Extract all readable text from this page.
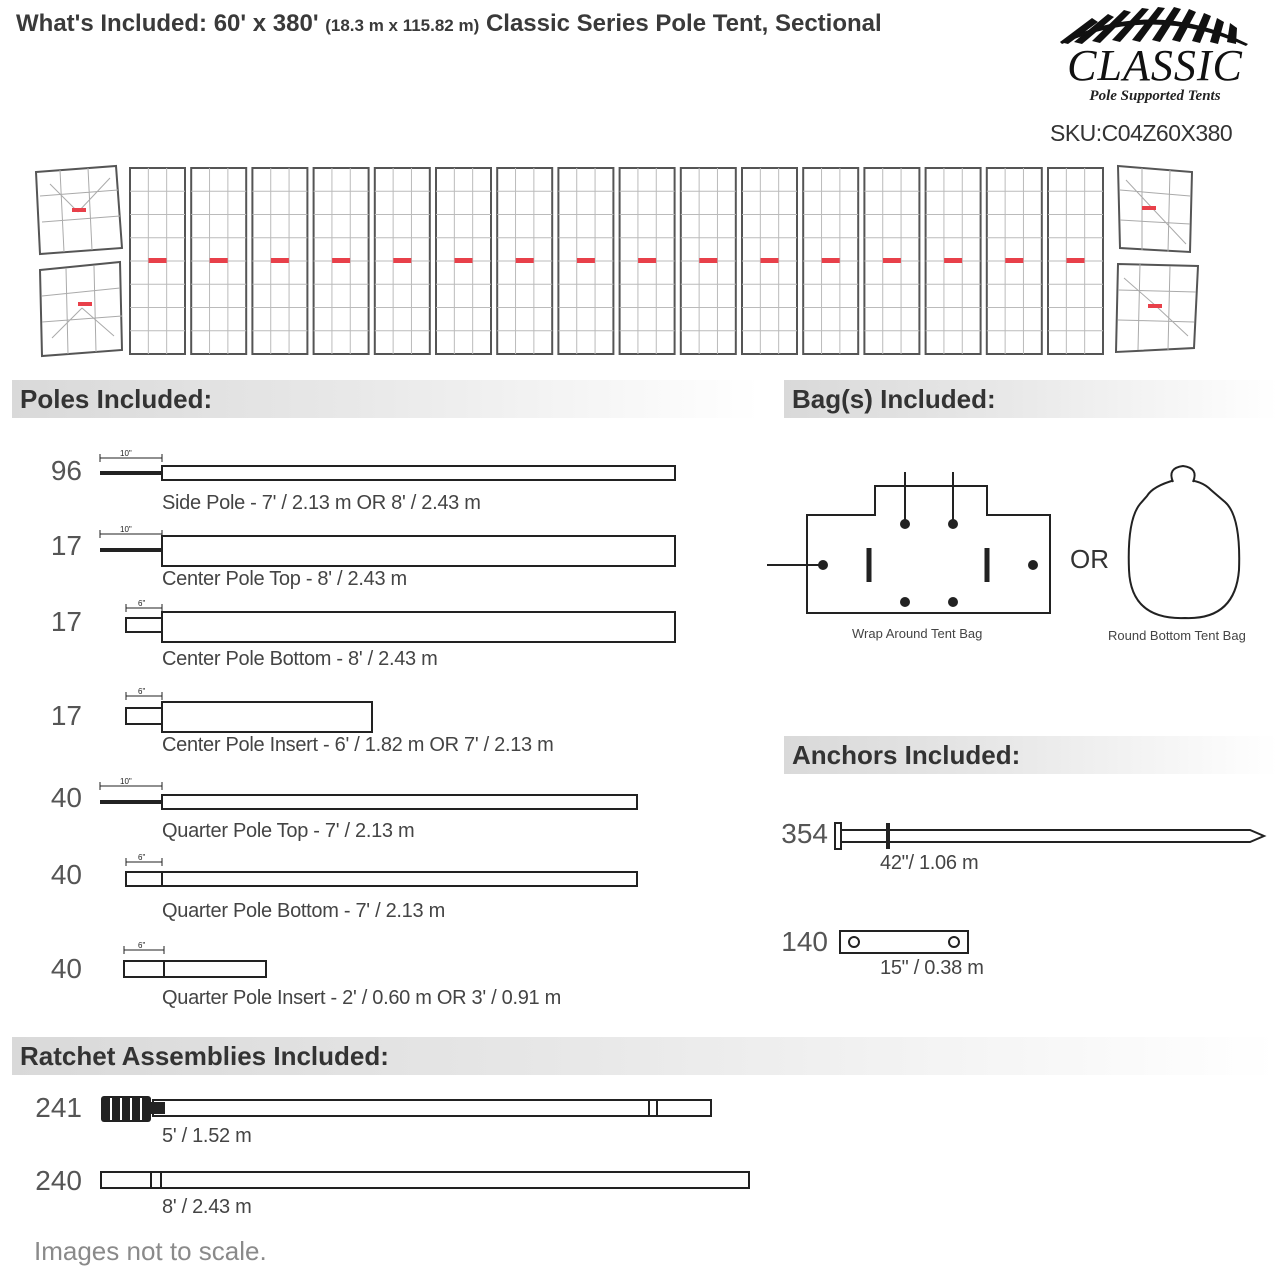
What's Included: 60' x 380' (18.3 m x 115.82 m) Classic Series Pole Tent, Sectional
CLASSIC
Pole Supported Tents
SKU:C04Z60X380
Poles Included:	Bag(s) Included:
Anchors Included:
Ratchet Assemblies Included:
96
Side Pole - 7' / 2.13 m OR 8' / 2.43 m
17
Center Pole Top - 8' / 2.43 m
17
Center Pole Bottom - 8' / 2.43 m
17
Center Pole Insert - 6' / 1.82 m OR 7' / 2.13 m
40
Quarter Pole Top - 7' / 2.13 m
40
Quarter Pole Bottom - 7' / 2.13 m
40
Quarter Pole Insert - 2' / 0.60 m OR 3' / 0.91 m
10"
10"
6"
6"
10"
6"
6"
OR
Wrap Around Tent Bag	Round Bottom Tent Bag
354
42"/ 1.06 m
140
15" / 0.38 m
241
5' / 1.52 m
240
8' / 2.43 m
Images not to scale.
